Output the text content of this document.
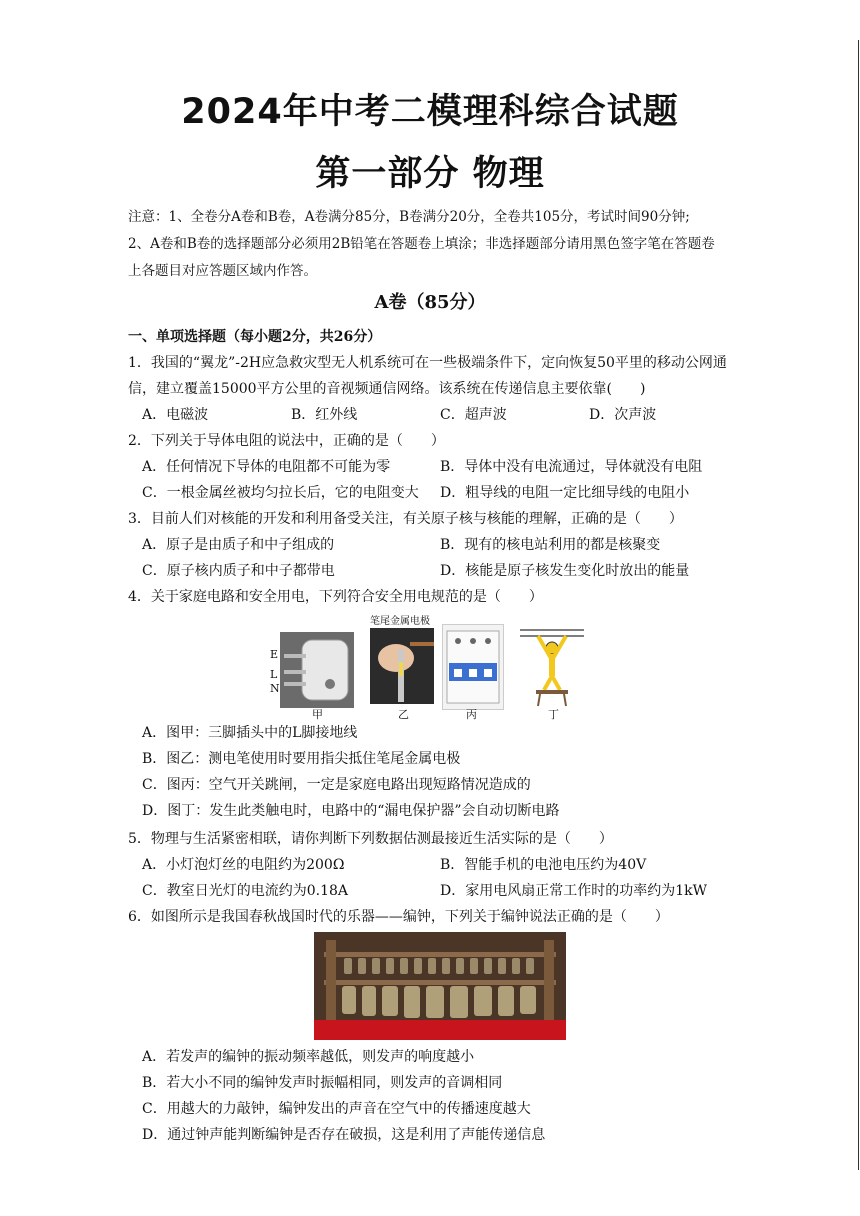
2024年中考二模理科综合试题
第一部分 物理
注意：1、全卷分A卷和B卷，A卷满分85分，B卷满分20分，全卷共105分，考试时间90分钟;
2、A卷和B卷的选择题部分必须用2B铅笔在答题卷上填涂；非选择题部分请用黑色签字笔在答题卷
上各题目对应答题区域内作答。
A卷（85分）
一、单项选择题（每小题2分，共26分）
1．我国的“翼龙”-2H应急救灾型无人机系统可在一些极端条件下，定向恢复50平里的移动公网通信，建立覆盖15000平方公里的音视频通信网络。该系统在传递信息主要依靠(　　)
A．电磁波	B．红外线	C．超声波	D．次声波
2．下列关于导体电阻的说法中，正确的是（　　）
A．任何情况下导体的电阻都不可能为零	B．导体中没有电流通过，导体就没有电阻
C．一根金属丝被均匀拉长后，它的电阻变大	D．粗导线的电阻一定比细导线的电阻小
3．目前人们对核能的开发和利用备受关注，有关原子核与核能的理解，正确的是（　　）
A．原子是由质子和中子组成的	B．现有的核电站利用的都是核聚变
C．原子核内质子和中子都带电	D．核能是原子核发生变化时放出的能量
4．关于家庭电路和安全用电，下列符合安全用电规范的是（　　）
E
L
N
甲
笔尾金属电极
乙	丙	丁
A．图甲：三脚插头中的L脚接地线
B．图乙：测电笔使用时要用指尖抵住笔尾金属电极
C．图丙：空气开关跳闸，一定是家庭电路出现短路情况造成的
D．图丁：发生此类触电时，电路中的“漏电保护器”会自动切断电路
5．物理与生活紧密相联，请你判断下列数据估测最接近生活实际的是（　　）
A．小灯泡灯丝的电阻约为200Ω	B．智能手机的电池电压约为40V
C．教室日光灯的电流约为0.18A	D．家用电风扇正常工作时的功率约为1kW
6．如图所示是我国春秋战国时代的乐器——编钟，下列关于编钟说法正确的是（　　）
A．若发声的编钟的振动频率越低，则发声的响度越小
B．若大小不同的编钟发声时振幅相同，则发声的音调相同
C．用越大的力敲钟，编钟发出的声音在空气中的传播速度越大
D．通过钟声能判断编钟是否存在破损，这是利用了声能传递信息
